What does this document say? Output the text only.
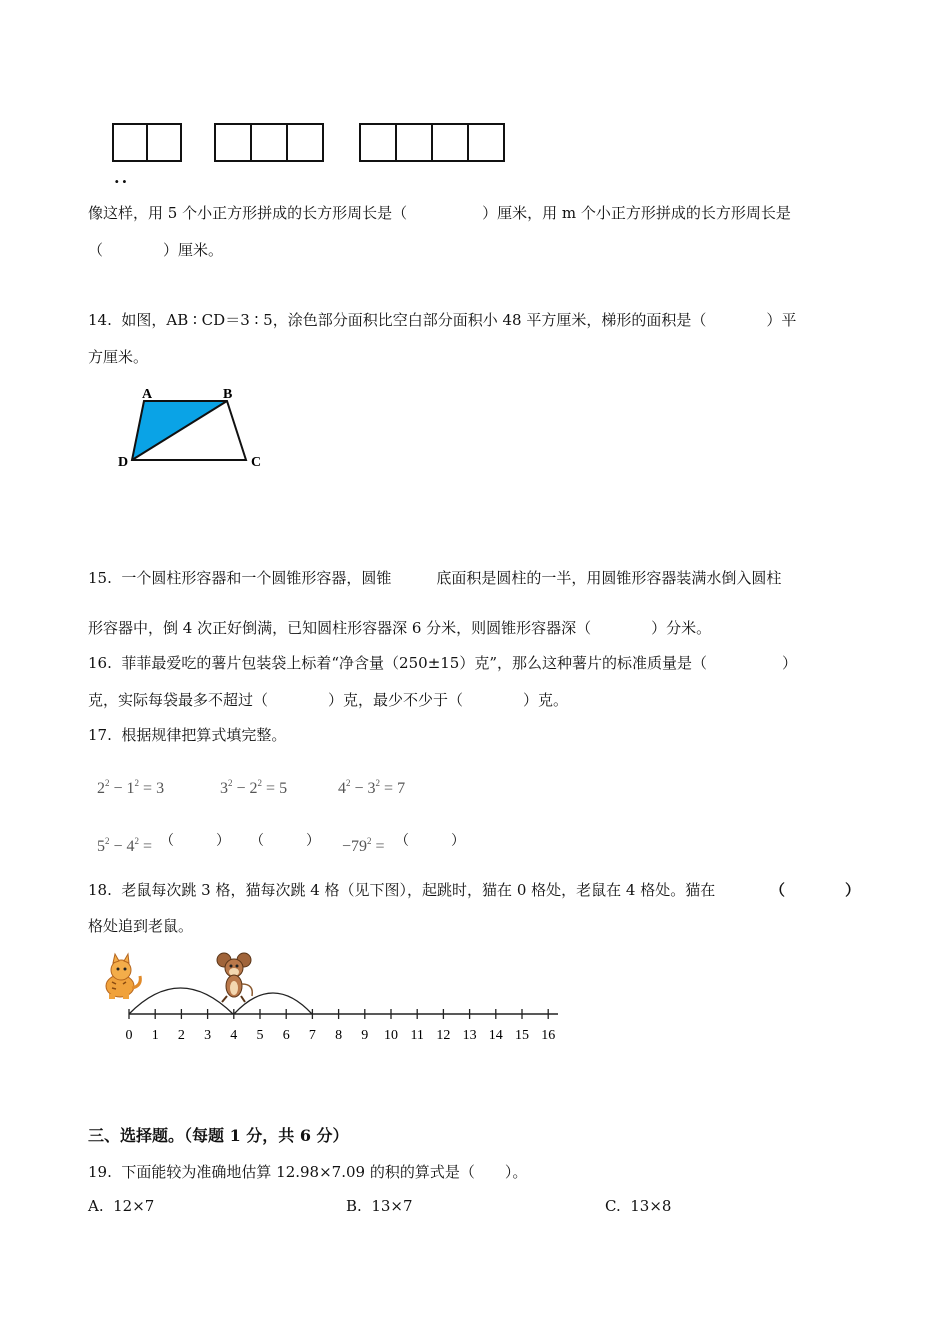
..
像这样，用 5 个小正方形拼成的长方形周长是（　　　　　）厘米，用 m 个小正方形拼成的长方形周长是
（　　　　）厘米。
14.  如图，AB ∶ CD＝3 ∶ 5，涂色部分面积比空白部分面积小 48 平方厘米，梯形的面积是（　　　　）平
方厘米。
A	B
D	C
15.  一个圆柱形容器和一个圆锥形容器，圆锥　　　底面积是圆柱的一半，用圆锥形容器装满水倒入圆柱
形容器中，倒 4 次正好倒满，已知圆柱形容器深 6 分米，则圆锥形容器深（　　　　）分米。
16.  菲菲最爱吃的薯片包装袋上标着“净含量（250±15）克”，那么这种薯片的标准质量是（　　　　　）
克，实际每袋最多不超过（　　　　）克，最少不少于（　　　　）克。
17.  根据规律把算式填完整。

$2^2 - 1^2 = 3$	$3^2 - 2^2 = 5$	$4^2 - 3^2 = 7$

$5^2 - 4^2$ = （　　　） （　　　）	
$-79^2$ = （　　　）
18.  老鼠每次跳 3 格，猫每次跳 4 格（见下图），起跳时，猫在 0 格处，老鼠在 4 格处。猫在	（　　　　）
格处追到老鼠。
0 1 2 3 4 5 6 7 8 9 10 11 12 13 14 15 16
三、选择题。（每题 1 分，共 6 分）
19.  下面能较为准确地估算 12.98×7.09 的积的算式是（　　）。
A.  12×7	B.  13×7	C.  13×8
